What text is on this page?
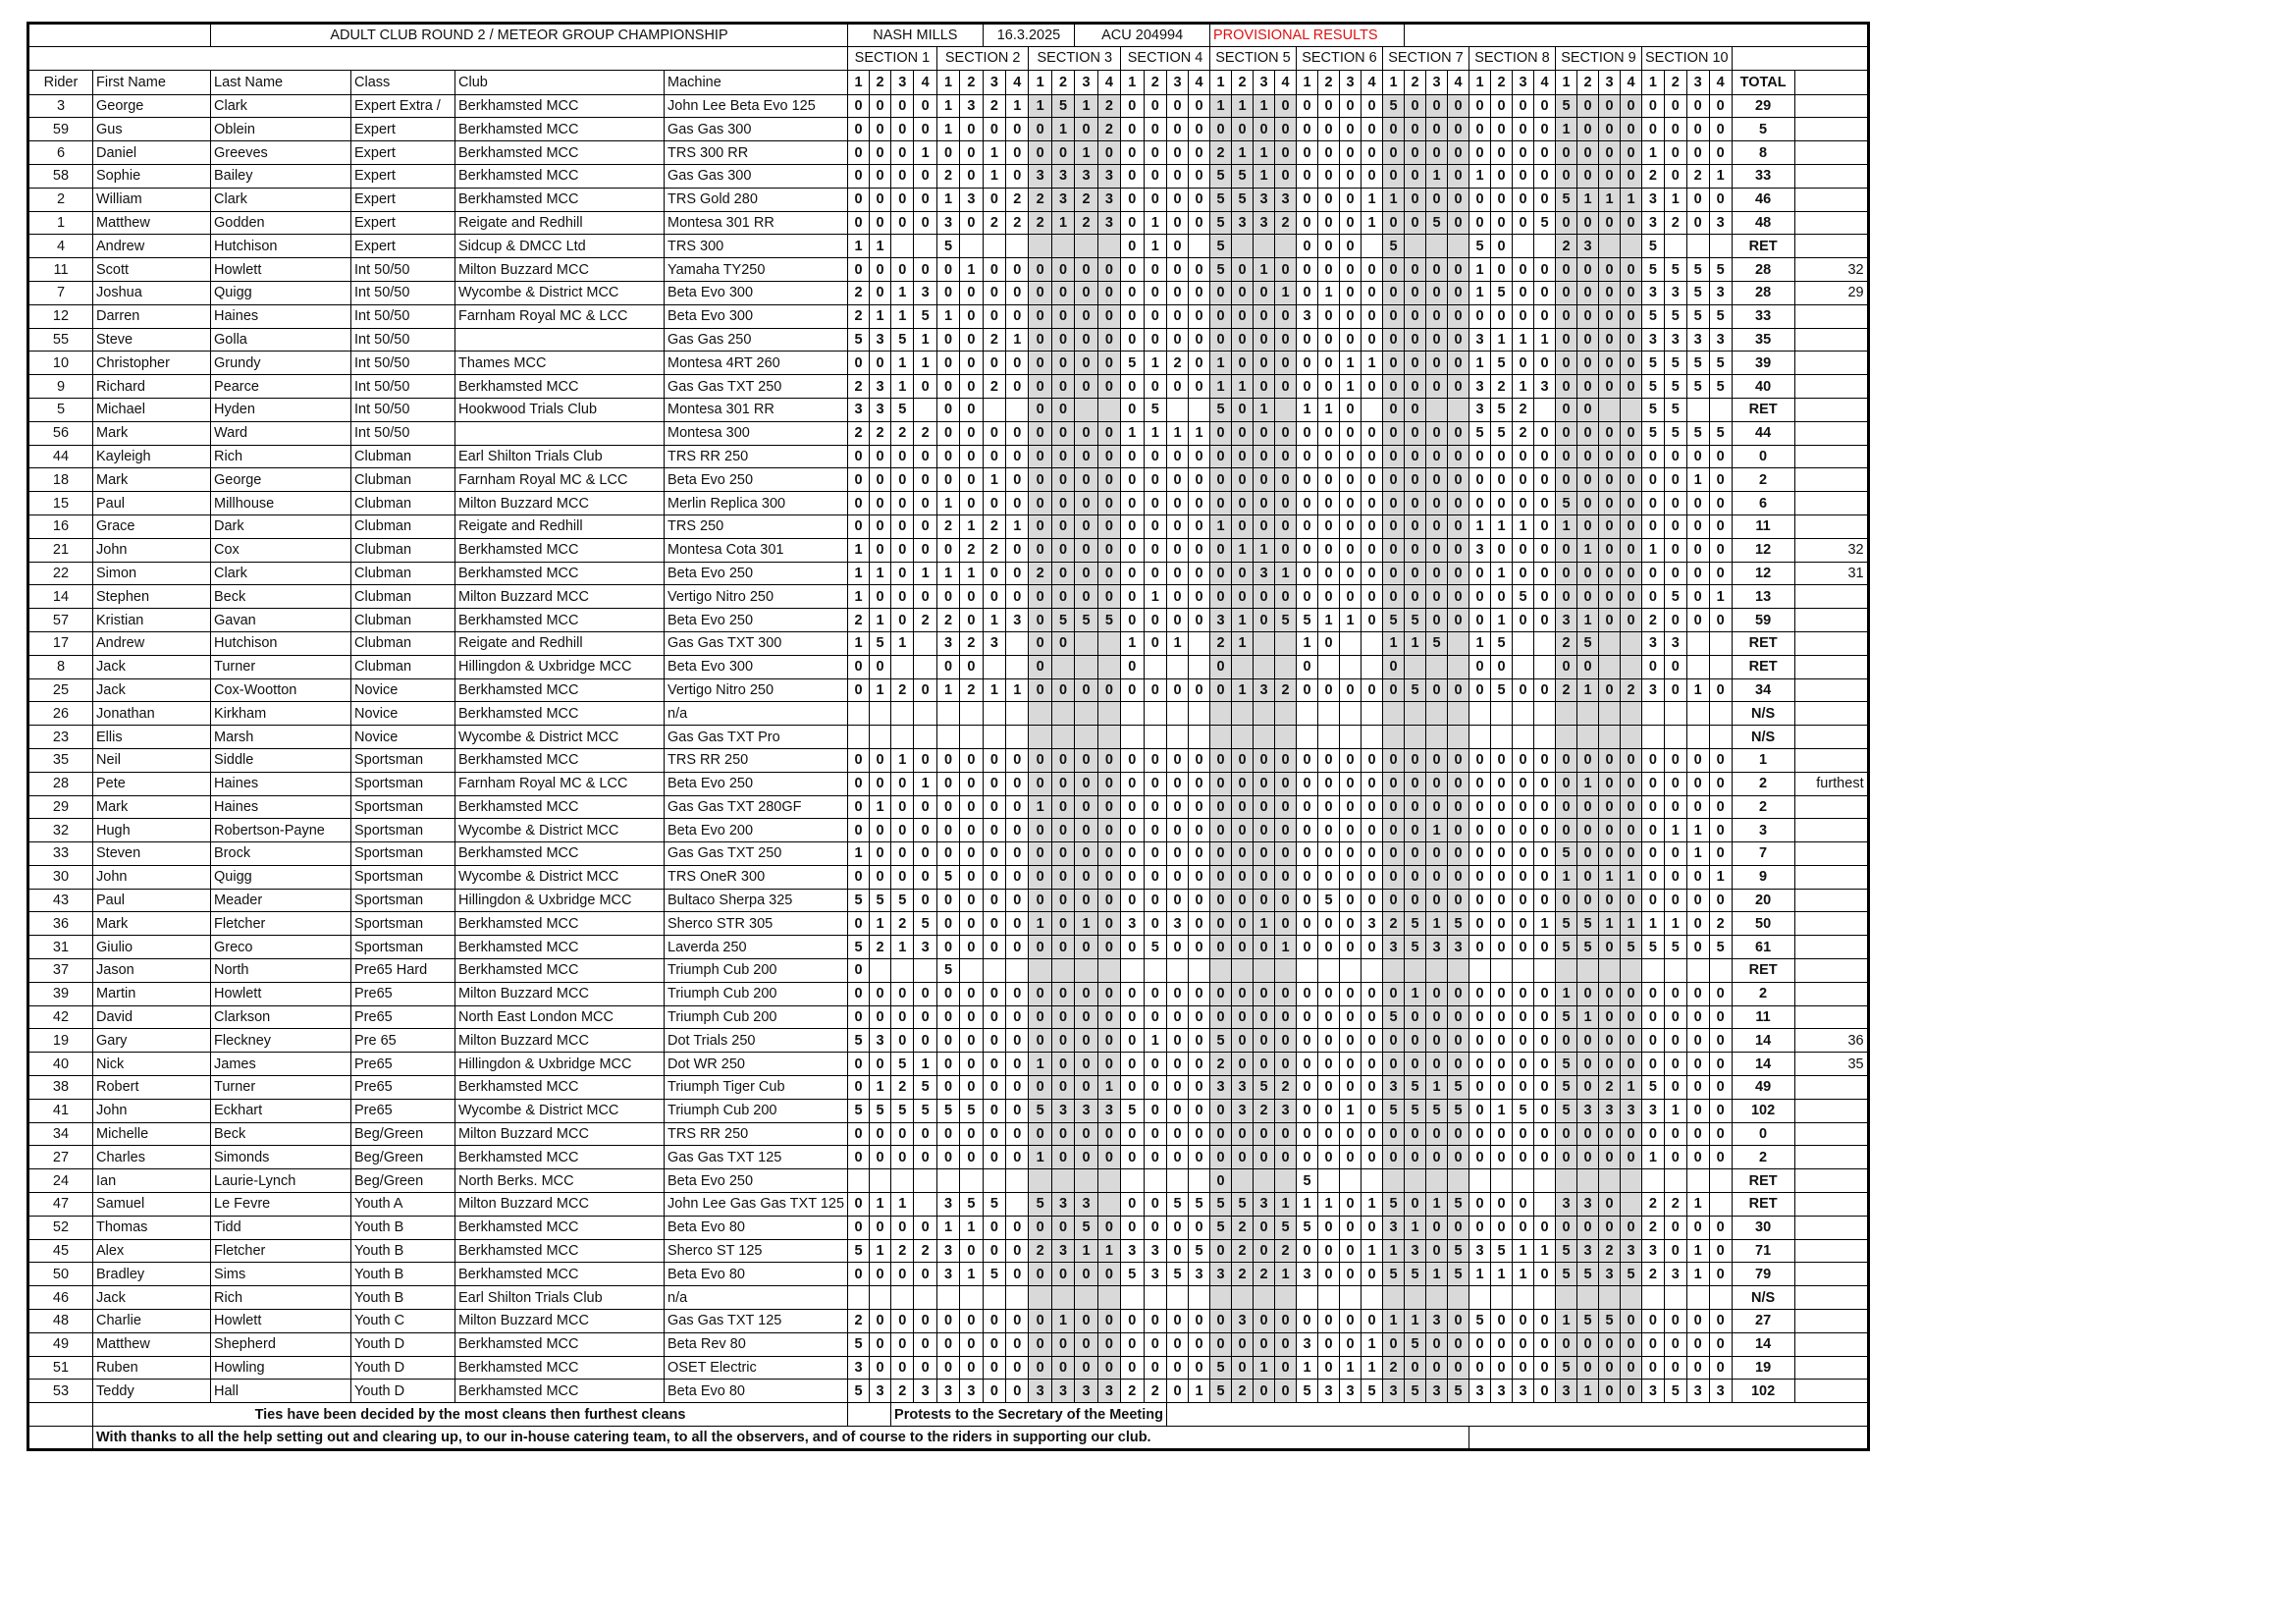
		ADULT CLUB ROUND 2 / METEOR GROUP CHAMPIONSHIP				NASH MILLS						16.3.2025				ACU 204994						PROVISIONAL RESULTS																									
						SECTION 1				SECTION 2				SECTION 3				SECTION 4				SECTION 5				SECTION 6				SECTION 7				SECTION 8				SECTION 9				SECTION 10					
Rider	First Name	Last Name	Class	Club	Machine	1	2	3	4	1	2	3	4	1	2	3	4	1	2	3	4	1	2	3	4	1	2	3	4	1	2	3	4	1	2	3	4	1	2	3	4	1	2	3	4	TOTAL	
3	George	Clark	Expert Extra /	Berkhamsted MCC	John Lee Beta Evo 125	0	0	0	0	1	3	2	1	1	5	1	2	0	0	0	0	1	1	1	0	0	0	0	0	5	0	0	0	0	0	0	0	5	0	0	0	0	0	0	0	29	
59	Gus	Oblein	Expert	Berkhamsted MCC	Gas Gas 300	0	0	0	0	1	0	0	0	0	1	0	2	0	0	0	0	0	0	0	0	0	0	0	0	0	0	0	0	0	0	0	0	1	0	0	0	0	0	0	0	5	
6	Daniel	Greeves	Expert	Berkhamsted MCC	TRS 300 RR	0	0	0	1	0	0	1	0	0	0	1	0	0	0	0	0	2	1	1	0	0	0	0	0	0	0	0	0	0	0	0	0	0	0	0	0	1	0	0	0	8	
58	Sophie	Bailey	Expert	Berkhamsted MCC	Gas Gas 300	0	0	0	0	2	0	1	0	3	3	3	3	0	0	0	0	5	5	1	0	0	0	0	0	0	0	1	0	1	0	0	0	0	0	0	0	2	0	2	1	33	
2	William	Clark	Expert	Berkhamsted MCC	TRS Gold 280	0	0	0	0	1	3	0	2	2	3	2	3	0	0	0	0	5	5	3	3	0	0	0	1	1	0	0	0	0	0	0	0	5	1	1	1	3	1	0	0	46	
1	Matthew	Godden	Expert	Reigate and Redhill	Montesa 301 RR	0	0	0	0	3	0	2	2	2	1	2	3	0	1	0	0	5	3	3	2	0	0	0	1	0	0	5	0	0	0	0	5	0	0	0	0	3	2	0	3	48	
4	Andrew	Hutchison	Expert	Sidcup & DMCC Ltd	TRS 300	1	1			5								0	1	0		5				0	0	0		5				5	0			2	3			5				RET	
11	Scott	Howlett	Int 50/50	Milton Buzzard MCC	Yamaha TY250	0	0	0	0	0	1	0	0	0	0	0	0	0	0	0	0	5	0	1	0	0	0	0	0	0	0	0	0	1	0	0	0	0	0	0	0	5	5	5	5	28	32
7	Joshua	Quigg	Int 50/50	Wycombe & District MCC	Beta Evo 300	2	0	1	3	0	0	0	0	0	0	0	0	0	0	0	0	0	0	0	1	0	1	0	0	0	0	0	0	1	5	0	0	0	0	0	0	3	3	5	3	28	29
12	Darren	Haines	Int 50/50	Farnham Royal MC & LCC	Beta Evo 300	2	1	1	5	1	0	0	0	0	0	0	0	0	0	0	0	0	0	0	0	3	0	0	0	0	0	0	0	0	0	0	0	0	0	0	0	5	5	5	5	33	
55	Steve	Golla	Int 50/50		Gas Gas 250	5	3	5	1	0	0	2	1	0	0	0	0	0	0	0	0	0	0	0	0	0	0	0	0	0	0	0	0	3	1	1	1	0	0	0	0	3	3	3	3	35	
10	Christopher	Grundy	Int 50/50	Thames MCC	Montesa 4RT 260	0	0	1	1	0	0	0	0	0	0	0	0	5	1	2	0	1	0	0	0	0	0	1	1	0	0	0	0	1	5	0	0	0	0	0	0	5	5	5	5	39	
9	Richard	Pearce	Int 50/50	Berkhamsted MCC	Gas Gas TXT 250	2	3	1	0	0	0	2	0	0	0	0	0	0	0	0	0	1	1	0	0	0	0	1	0	0	0	0	0	3	2	1	3	0	0	0	0	5	5	5	5	40	
5	Michael	Hyden	Int 50/50	Hookwood Trials Club	Montesa 301 RR	3	3	5		0	0			0	0			0	5			5	0	1		1	1	0		0	0			3	5	2		0	0			5	5			RET	
56	Mark	Ward	Int 50/50		Montesa 300	2	2	2	2	0	0	0	0	0	0	0	0	1	1	1	1	0	0	0	0	0	0	0	0	0	0	0	0	5	5	2	0	0	0	0	0	5	5	5	5	44	
44	Kayleigh	Rich	Clubman	Earl Shilton Trials Club	TRS RR 250	0	0	0	0	0	0	0	0	0	0	0	0	0	0	0	0	0	0	0	0	0	0	0	0	0	0	0	0	0	0	0	0	0	0	0	0	0	0	0	0	0	
18	Mark	George	Clubman	Farnham Royal MC & LCC	Beta Evo 250	0	0	0	0	0	0	1	0	0	0	0	0	0	0	0	0	0	0	0	0	0	0	0	0	0	0	0	0	0	0	0	0	0	0	0	0	0	0	1	0	2	
15	Paul	Millhouse	Clubman	Milton Buzzard MCC	Merlin Replica 300	0	0	0	0	1	0	0	0	0	0	0	0	0	0	0	0	0	0	0	0	0	0	0	0	0	0	0	0	0	0	0	0	5	0	0	0	0	0	0	0	6	
16	Grace	Dark	Clubman	Reigate and Redhill	TRS 250	0	0	0	0	2	1	2	1	0	0	0	0	0	0	0	0	1	0	0	0	0	0	0	0	0	0	0	0	1	1	1	0	1	0	0	0	0	0	0	0	11	
21	John	Cox	Clubman	Berkhamsted MCC	Montesa Cota 301	1	0	0	0	0	2	2	0	0	0	0	0	0	0	0	0	0	1	1	0	0	0	0	0	0	0	0	0	3	0	0	0	0	1	0	0	1	0	0	0	12	32
22	Simon	Clark	Clubman	Berkhamsted MCC	Beta Evo 250	1	1	0	1	1	1	0	0	2	0	0	0	0	0	0	0	0	0	3	1	0	0	0	0	0	0	0	0	0	1	0	0	0	0	0	0	0	0	0	0	12	31
14	Stephen	Beck	Clubman	Milton Buzzard MCC	Vertigo Nitro 250	1	0	0	0	0	0	0	0	0	0	0	0	0	1	0	0	0	0	0	0	0	0	0	0	0	0	0	0	0	0	5	0	0	0	0	0	0	5	0	1	13	
57	Kristian	Gavan	Clubman	Berkhamsted MCC	Beta Evo 250	2	1	0	2	2	0	1	3	0	5	5	5	0	0	0	0	3	1	0	5	5	1	1	0	5	5	0	0	0	1	0	0	3	1	0	0	2	0	0	0	59	
17	Andrew	Hutchison	Clubman	Reigate and Redhill	Gas Gas TXT 300	1	5	1		3	2	3		0	0			1	0	1		2	1			1	0			1	1	5		1	5			2	5			3	3			RET	
8	Jack	Turner	Clubman	Hillingdon & Uxbridge MCC	Beta Evo 300	0	0			0	0			0				0				0				0				0				0	0			0	0			0	0			RET	
25	Jack	Cox-Wootton	Novice	Berkhamsted MCC	Vertigo Nitro 250	0	1	2	0	1	2	1	1	0	0	0	0	0	0	0	0	0	1	3	2	0	0	0	0	0	5	0	0	0	5	0	0	2	1	0	2	3	0	1	0	34	
26	Jonathan	Kirkham	Novice	Berkhamsted MCC	n/a																																									N/S	
23	Ellis	Marsh	Novice	Wycombe & District MCC	Gas Gas TXT Pro																																									N/S	
35	Neil	Siddle	Sportsman	Berkhamsted MCC	TRS RR 250	0	0	1	0	0	0	0	0	0	0	0	0	0	0	0	0	0	0	0	0	0	0	0	0	0	0	0	0	0	0	0	0	0	0	0	0	0	0	0	0	1	
28	Pete	Haines	Sportsman	Farnham Royal MC & LCC	Beta Evo 250	0	0	0	1	0	0	0	0	0	0	0	0	0	0	0	0	0	0	0	0	0	0	0	0	0	0	0	0	0	0	0	0	0	1	0	0	0	0	0	0	2	furthest
29	Mark	Haines	Sportsman	Berkhamsted MCC	Gas Gas TXT 280GF	0	1	0	0	0	0	0	0	1	0	0	0	0	0	0	0	0	0	0	0	0	0	0	0	0	0	0	0	0	0	0	0	0	0	0	0	0	0	0	0	2	
32	Hugh	Robertson-Payne	Sportsman	Wycombe & District MCC	Beta Evo 200	0	0	0	0	0	0	0	0	0	0	0	0	0	0	0	0	0	0	0	0	0	0	0	0	0	0	1	0	0	0	0	0	0	0	0	0	0	1	1	0	3	
33	Steven	Brock	Sportsman	Berkhamsted MCC	Gas Gas TXT 250	1	0	0	0	0	0	0	0	0	0	0	0	0	0	0	0	0	0	0	0	0	0	0	0	0	0	0	0	0	0	0	0	5	0	0	0	0	0	1	0	7	
30	John	Quigg	Sportsman	Wycombe & District MCC	TRS OneR 300	0	0	0	0	5	0	0	0	0	0	0	0	0	0	0	0	0	0	0	0	0	0	0	0	0	0	0	0	0	0	0	0	1	0	1	1	0	0	0	1	9	
43	Paul	Meader	Sportsman	Hillingdon & Uxbridge MCC	Bultaco Sherpa 325	5	5	5	0	0	0	0	0	0	0	0	0	0	0	0	0	0	0	0	0	0	5	0	0	0	0	0	0	0	0	0	0	0	0	0	0	0	0	0	0	20	
36	Mark	Fletcher	Sportsman	Berkhamsted MCC	Sherco STR 305	0	1	2	5	0	0	0	0	1	0	1	0	3	0	3	0	0	0	1	0	0	0	0	3	2	5	1	5	0	0	0	1	5	5	1	1	1	1	0	2	50	
31	Giulio	Greco	Sportsman	Berkhamsted MCC	Laverda 250	5	2	1	3	0	0	0	0	0	0	0	0	0	5	0	0	0	0	0	1	0	0	0	0	3	5	3	3	0	0	0	0	5	5	0	5	5	5	0	5	61	
37	Jason	North	Pre65 Hard	Berkhamsted MCC	Triumph Cub 200	0				5																																				RET	
39	Martin	Howlett	Pre65	Milton Buzzard MCC	Triumph Cub 200	0	0	0	0	0	0	0	0	0	0	0	0	0	0	0	0	0	0	0	0	0	0	0	0	0	1	0	0	0	0	0	0	1	0	0	0	0	0	0	0	2	
42	David	Clarkson	Pre65	North East London MCC	Triumph Cub 200	0	0	0	0	0	0	0	0	0	0	0	0	0	0	0	0	0	0	0	0	0	0	0	0	5	0	0	0	0	0	0	0	5	1	0	0	0	0	0	0	11	
19	Gary	Fleckney	Pre 65	Milton Buzzard MCC	Dot Trials 250	5	3	0	0	0	0	0	0	0	0	0	0	0	1	0	0	5	0	0	0	0	0	0	0	0	0	0	0	0	0	0	0	0	0	0	0	0	0	0	0	14	36
40	Nick	James	Pre65	Hillingdon & Uxbridge MCC	Dot WR 250	0	0	5	1	0	0	0	0	1	0	0	0	0	0	0	0	2	0	0	0	0	0	0	0	0	0	0	0	0	0	0	0	5	0	0	0	0	0	0	0	14	35
38	Robert	Turner	Pre65	Berkhamsted MCC	Triumph Tiger Cub	0	1	2	5	0	0	0	0	0	0	0	1	0	0	0	0	3	3	5	2	0	0	0	0	3	5	1	5	0	0	0	0	5	0	2	1	5	0	0	0	49	
41	John	Eckhart	Pre65	Wycombe & District MCC	Triumph Cub 200	5	5	5	5	5	5	0	0	5	3	3	3	5	0	0	0	0	3	2	3	0	0	1	0	5	5	5	5	0	1	5	0	5	3	3	3	3	1	0	0	102	
34	Michelle	Beck	Beg/Green	Milton Buzzard MCC	TRS RR 250	0	0	0	0	0	0	0	0	0	0	0	0	0	0	0	0	0	0	0	0	0	0	0	0	0	0	0	0	0	0	0	0	0	0	0	0	0	0	0	0	0	
27	Charles	Simonds	Beg/Green	Berkhamsted MCC	Gas Gas TXT 125	0	0	0	0	0	0	0	0	1	0	0	0	0	0	0	0	0	0	0	0	0	0	0	0	0	0	0	0	0	0	0	0	0	0	0	0	1	0	0	0	2	
24	Ian	Laurie-Lynch	Beg/Green	North Berks. MCC	Beta Evo 250																	0				5																				RET	
47	Samuel	Le Fevre	Youth A	Milton Buzzard MCC	John Lee Gas Gas TXT 125	0	1	1		3	5	5		5	3	3		0	0	5	5	5	5	3	1	1	1	0	1	5	0	1	5	0	0	0		3	3	0		2	2	1		RET	
52	Thomas	Tidd	Youth B	Berkhamsted MCC	Beta Evo 80	0	0	0	0	1	1	0	0	0	0	5	0	0	0	0	0	5	2	0	5	5	0	0	0	3	1	0	0	0	0	0	0	0	0	0	0	2	0	0	0	30	
45	Alex	Fletcher	Youth B	Berkhamsted MCC	Sherco ST 125	5	1	2	2	3	0	0	0	2	3	1	1	3	3	0	5	0	2	0	2	0	0	0	1	1	3	0	5	3	5	1	1	5	3	2	3	3	0	1	0	71	
50	Bradley	Sims	Youth B	Berkhamsted MCC	Beta Evo 80	0	0	0	0	3	1	5	0	0	0	0	0	5	3	5	3	3	2	2	1	3	0	0	0	5	5	1	5	1	1	1	0	5	5	3	5	2	3	1	0	79	
46	Jack	Rich	Youth B	Earl Shilton Trials Club	n/a																																									N/S	
48	Charlie	Howlett	Youth C	Milton Buzzard MCC	Gas Gas TXT 125	2	0	0	0	0	0	0	0	0	1	0	0	0	0	0	0	0	3	0	0	0	0	0	0	1	1	3	0	5	0	0	0	1	5	5	0	0	0	0	0	27	
49	Matthew	Shepherd	Youth D	Berkhamsted MCC	Beta Rev 80	5	0	0	0	0	0	0	0	0	0	0	0	0	0	0	0	0	0	0	0	3	0	0	1	0	5	0	0	0	0	0	0	0	0	0	0	0	0	0	0	14	
51	Ruben	Howling	Youth D	Berkhamsted MCC	OSET Electric	3	0	0	0	0	0	0	0	0	0	0	0	0	0	0	0	5	0	1	0	1	0	1	1	2	0	0	0	0	0	0	0	5	0	0	0	0	0	0	0	19	
53	Teddy	Hall	Youth D	Berkhamsted MCC	Beta Evo 80	5	3	2	3	3	3	0	0	3	3	3	3	2	2	0	1	5	2	0	0	5	3	3	5	3	5	3	5	3	3	3	0	3	1	0	0	3	5	3	3	102	
	Ties have been decided by the most cleans then furthest cleans							Protests to the Secretary of the Meeting																																							
	With thanks to all the help setting out and clearing up, to our in-house catering team, to all the observers, and of course to the riders in supporting our club.																																														
